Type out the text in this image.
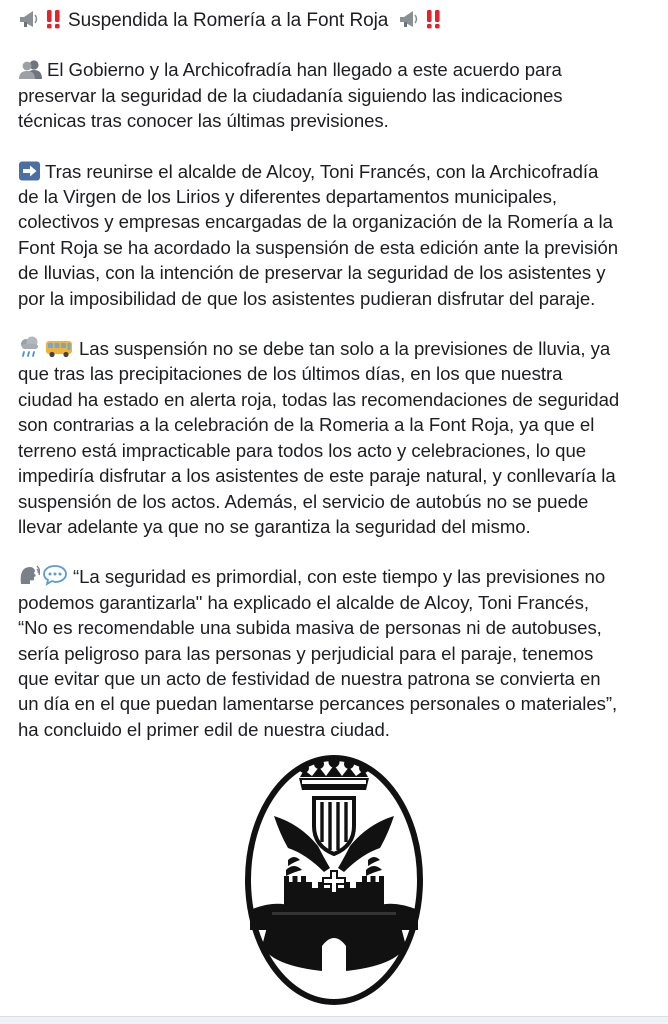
Suspendida la Romería a la Font Roja
El Gobierno y la Archicofradía han llegado a este acuerdo para
preservar la seguridad de la ciudadanía siguiendo las indicaciones
técnicas tras conocer las últimas previsiones.
Tras reunirse el alcalde de Alcoy, Toni Francés, con la Archicofradía
de la Virgen de los Lirios y diferentes departamentos municipales,
colectivos y empresas encargadas de la organización de la Romería a la
Font Roja se ha acordado la suspensión de esta edición ante la previsión
de lluvias, con la intención de preservar la seguridad de los asistentes y
por la imposibilidad de que los asistentes pudieran disfrutar del paraje.
Las suspensión no se debe tan solo a la previsiones de lluvia, ya
que tras las precipitaciones de los últimos días, en los que nuestra
ciudad ha estado en alerta roja, todas las recomendaciones de seguridad
son contrarias a la celebración de la Romeria a la Font Roja, ya que el
terreno está impracticable para todos los acto y celebraciones, lo que
impediría disfrutar a los asistentes de este paraje natural, y conllevaría la
suspensión de los actos. Además, el servicio de autobús no se puede
llevar adelante ya que no se garantiza la seguridad del mismo.
“La seguridad es primordial, con este tiempo y las previsiones no
podemos garantizarla" ha explicado el alcalde de Alcoy, Toni Francés,
“No es recomendable una subida masiva de personas ni de autobuses,
sería peligroso para las personas y perjudicial para el paraje, tenemos
que evitar que un acto de festividad de nuestra patrona se convierta en
un día en el que puedan lamentarse percances personales o materiales”,
ha concluido el primer edil de nuestra ciudad.
